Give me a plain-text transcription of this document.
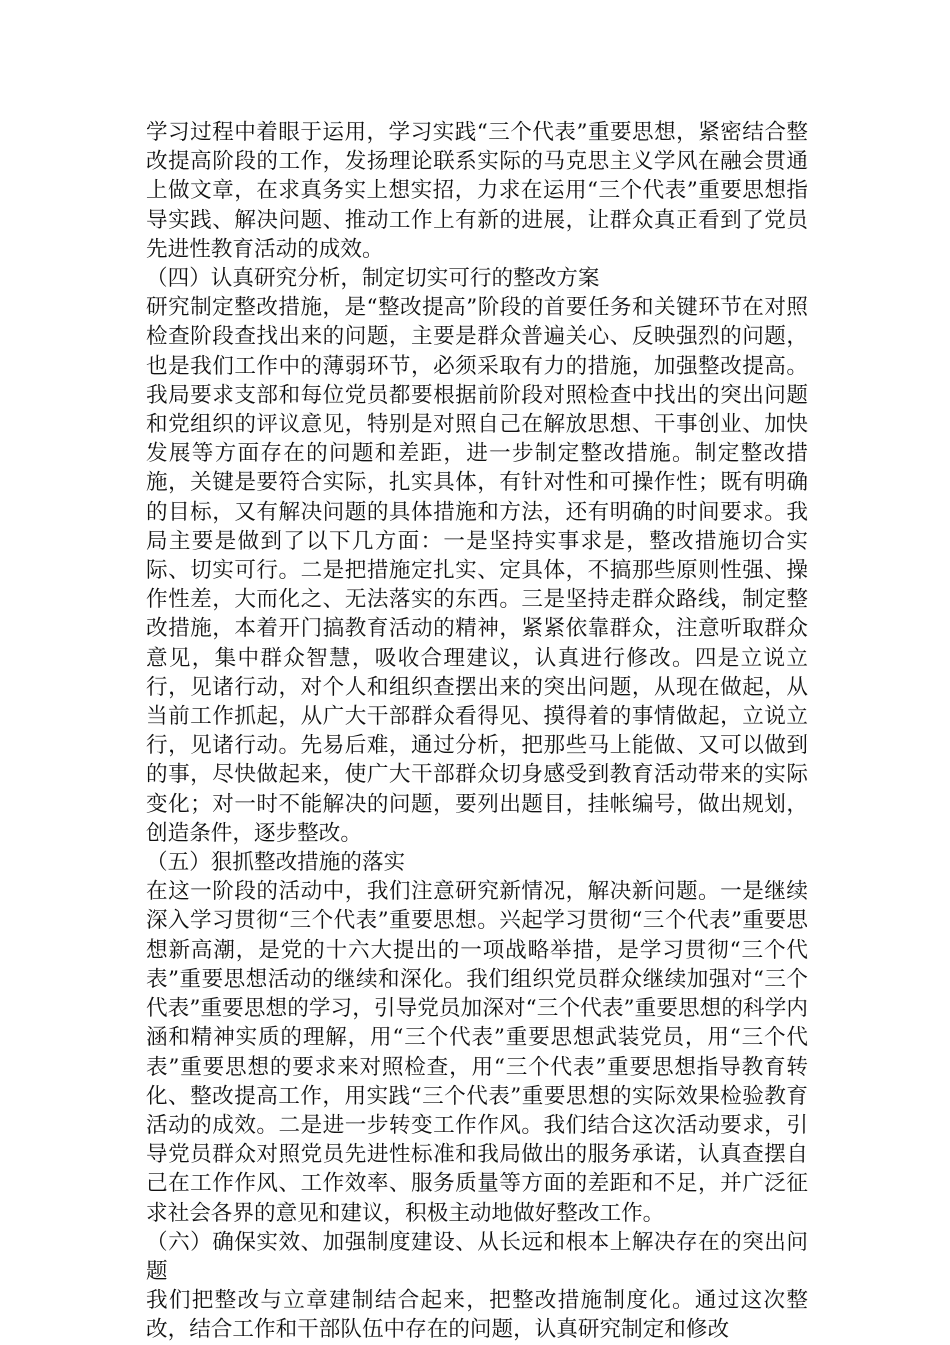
学习过程中着眼于运用，学习实践“三个代表”重要思想，紧密结合整改提高阶段的工作，发扬理论联系实际的马克思主义学风在融会贯通上做文章，在求真务实上想实招，力求在运用“三个代表”重要思想指导实践、解决问题、推动工作上有新的进展，让群众真正看到了党员先进性教育活动的成效。

（四）认真研究分析，制定切实可行的整改方案

研究制定整改措施，是“整改提高”阶段的首要任务和关键环节在对照检查阶段查找出来的问题，主要是群众普遍关心、反映强烈的问题，也是我们工作中的薄弱环节，必须采取有力的措施，加强整改提高。我局要求支部和每位党员都要根据前阶段对照检查中找出的突出问题和党组织的评议意见，特别是对照自己在解放思想、干事创业、加快发展等方面存在的问题和差距，进一步制定整改措施。制定整改措施，关键是要符合实际，扎实具体，有针对性和可操作性；既有明确的目标，又有解决问题的具体措施和方法，还有明确的时间要求。我局主要是做到了以下几方面：一是坚持实事求是，整改措施切合实际、切实可行。二是把措施定扎实、定具体，不搞那些原则性强、操作性差，大而化之、无法落实的东西。三是坚持走群众路线，制定整改措施，本着开门搞教育活动的精神，紧紧依靠群众，注意听取群众意见，集中群众智慧，吸收合理建议，认真进行修改。四是立说立行，见诸行动，对个人和组织查摆出来的突出问题，从现在做起，从当前工作抓起，从广大干部群众看得见、摸得着的事情做起，立说立行，见诸行动。先易后难，通过分析，把那些马上能做、又可以做到的事，尽快做起来，使广大干部群众切身感受到教育活动带来的实际变化；对一时不能解决的问题，要列出题目，挂帐编号，做出规划，创造条件，逐步整改。

（五）狠抓整改措施的落实

在这一阶段的活动中，我们注意研究新情况，解决新问题。一是继续深入学习贯彻“三个代表”重要思想。兴起学习贯彻“三个代表”重要思想新高潮，是党的十六大提出的一项战略举措，是学习贯彻“三个代表”重要思想活动的继续和深化。我们组织党员群众继续加强对“三个代表”重要思想的学习，引导党员加深对“三个代表”重要思想的科学内涵和精神实质的理解，用“三个代表”重要思想武装党员，用“三个代表”重要思想的要求来对照检查，用“三个代表”重要思想指导教育转化、整改提高工作，用实践“三个代表”重要思想的实际效果检验教育活动的成效。二是进一步转变工作作风。我们结合这次活动要求，引导党员群众对照党员先进性标准和我局做出的服务承诺，认真查摆自己在工作作风、工作效率、服务质量等方面的差距和不足，并广泛征求社会各界的意见和建议，积极主动地做好整改工作。

（六）确保实效、加强制度建设、从长远和根本上解决存在的突出问题

我们把整改与立章建制结合起来，把整改措施制度化。通过这次整改，结合工作和干部队伍中存在的问题，认真研究制定和修改
